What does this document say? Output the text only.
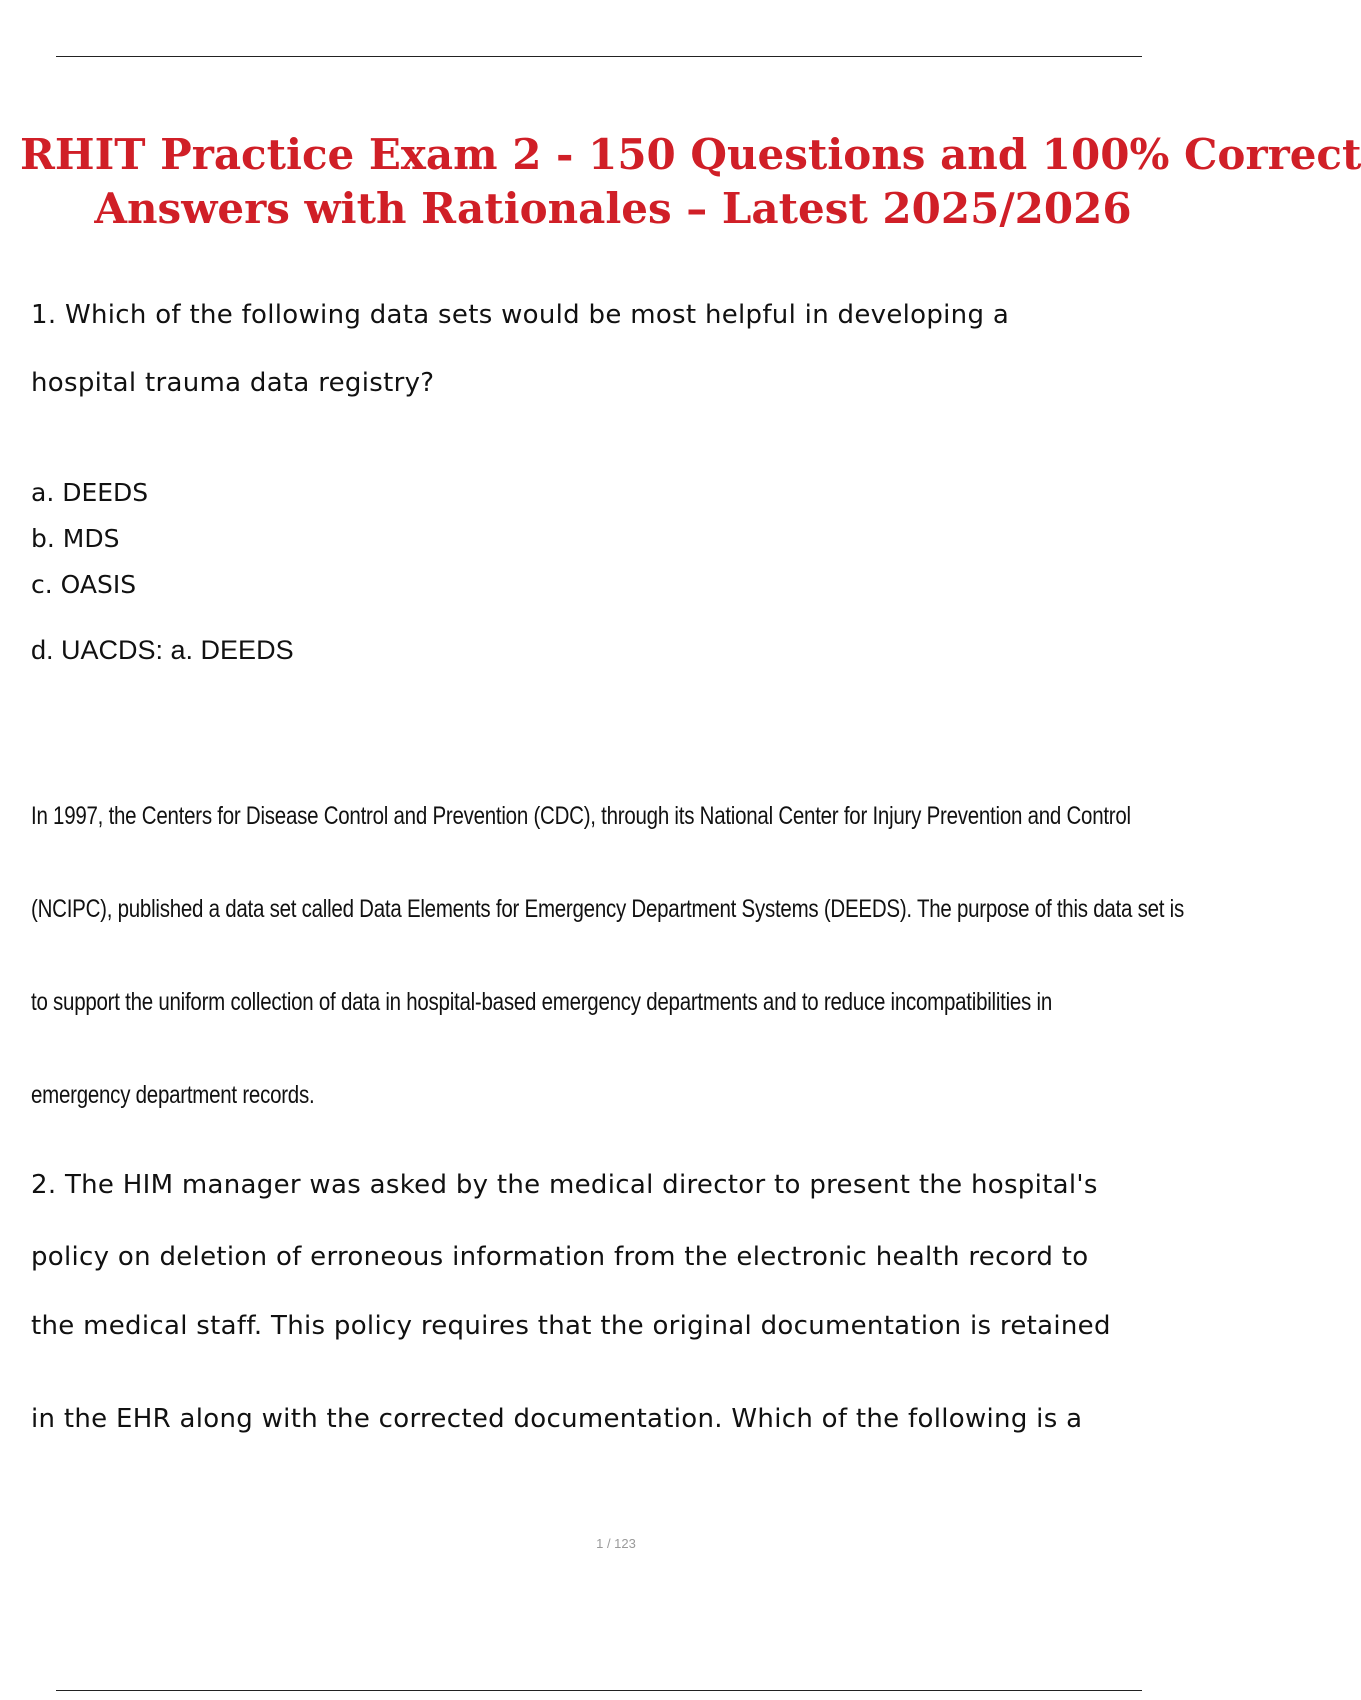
RHIT Practice Exam 2 - 150 Questions and 100% Correct
Answers with Rationales – Latest 2025/2026

1. Which of the following data sets would be most helpful in developing a

hospital trauma data registry?

a. DEEDS

b. MDS

c. OASIS

d. UACDS: a. DEEDS

In 1997, the Centers for Disease Control and Prevention (CDC), through its National Center for Injury Prevention and Control

(NCIPC), published a data set called Data Elements for Emergency Department Systems (DEEDS). The purpose of this data set is

to support the uniform collection of data in hospital-based emergency departments and to reduce incompatibilities in

emergency department records.

2. The HIM manager was asked by the medical director to present the hospital's

policy on deletion of erroneous information from the electronic health record to

the medical staff. This policy requires that the original documentation is retained

in the EHR along with the corrected documentation. Which of the following is a

1 / 123
